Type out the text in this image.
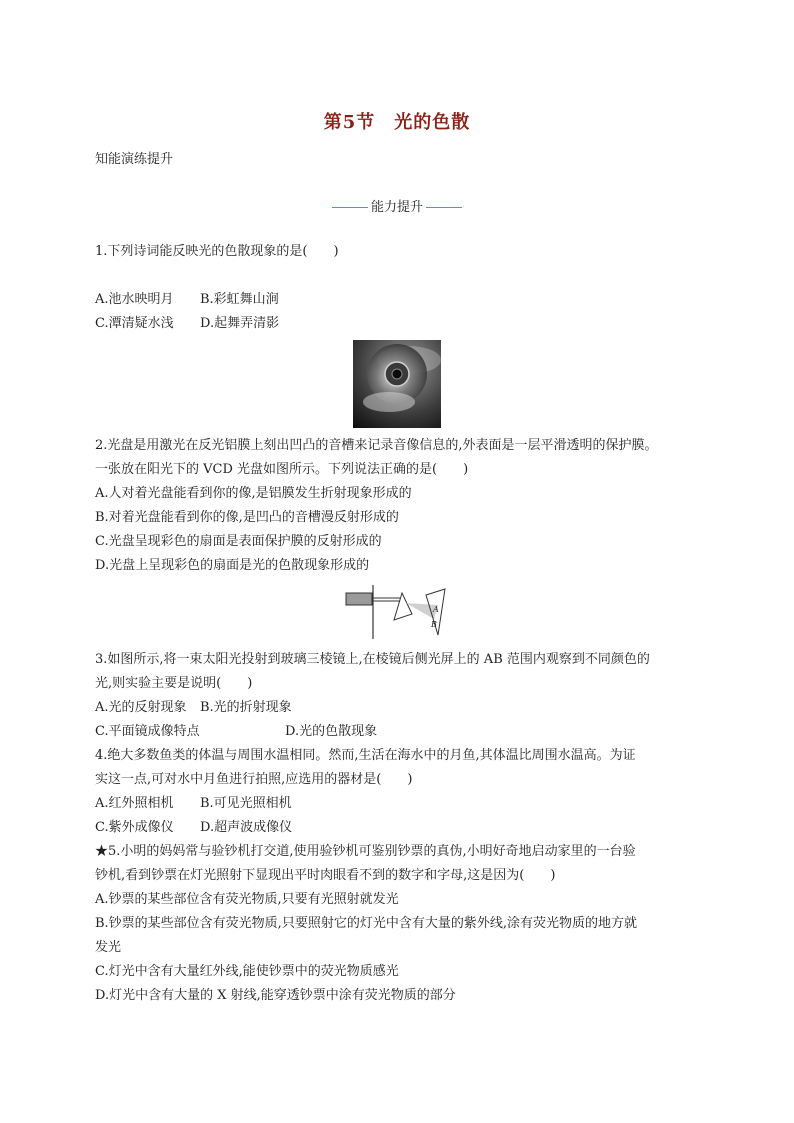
第5节　光的色散
知能演练提升
能力提升
1.下列诗词能反映光的色散现象的是(　　)
A.池水映明月	B.彩虹舞山涧
C.潭清疑水浅	D.起舞弄清影
2.光盘是用激光在反光铝膜上刻出凹凸的音槽来记录音像信息的,外表面是一层平滑透明的保护膜。
一张放在阳光下的 VCD 光盘如图所示。下列说法正确的是(　　)
A.人对着光盘能看到你的像,是铝膜发生折射现象形成的
B.对着光盘能看到你的像,是凹凸的音槽漫反射形成的
C.光盘呈现彩色的扇面是表面保护膜的反射形成的
D.光盘上呈现彩色的扇面是光的色散现象形成的
A
B
3.如图所示,将一束太阳光投射到玻璃三棱镜上,在棱镜后侧光屏上的 AB 范围内观察到不同颜色的
光,则实验主要是说明(　　)
A.光的反射现象	B.光的折射现象
C.平面镜成像特点	D.光的色散现象
4.绝大多数鱼类的体温与周围水温相同。然而,生活在海水中的月鱼,其体温比周围水温高。为证
实这一点,可对水中月鱼进行拍照,应选用的器材是(　　)
A.红外照相机	B.可见光照相机
C.紫外成像仪	D.超声波成像仪
★5.小明的妈妈常与验钞机打交道,使用验钞机可鉴别钞票的真伪,小明好奇地启动家里的一台验
钞机,看到钞票在灯光照射下显现出平时肉眼看不到的数字和字母,这是因为(　　)
A.钞票的某些部位含有荧光物质,只要有光照射就发光
B.钞票的某些部位含有荧光物质,只要照射它的灯光中含有大量的紫外线,涂有荧光物质的地方就
发光
C.灯光中含有大量红外线,能使钞票中的荧光物质感光
D.灯光中含有大量的 X 射线,能穿透钞票中涂有荧光物质的部分
